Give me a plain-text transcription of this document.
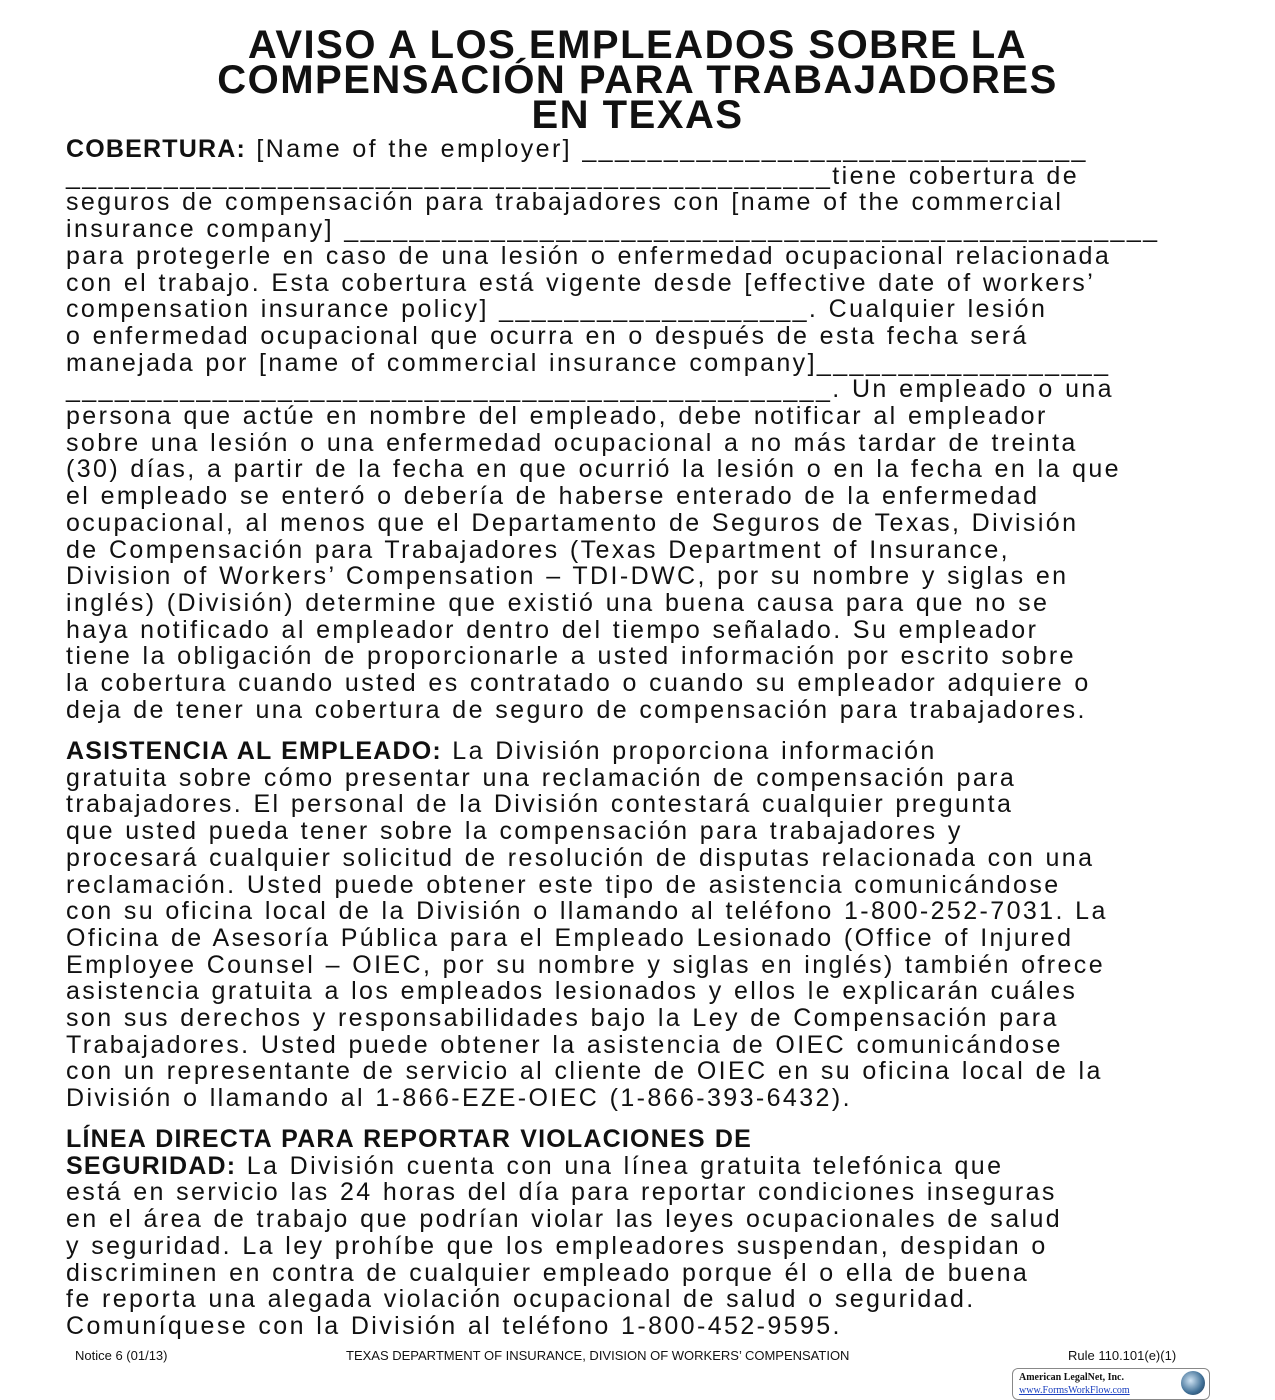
AVISO A LOS EMPLEADOS SOBRE LA
COMPENSACIÓN PARA TRABAJADORES
EN TEXAS
COBERTURA: [Name of the employer] _______________________________
_______________________________________________tiene cobertura de
seguros de compensación para trabajadores con [name of the commercial
insurance company] __________________________________________________
para protegerle en caso de una lesión o enfermedad ocupacional relacionada
con el trabajo. Esta cobertura está vigente desde [effective date of workers’
compensation insurance policy] ___________________. Cualquier lesión
o enfermedad ocupacional que ocurra en o después de esta fecha será
manejada por [name of commercial insurance company]__________________
_______________________________________________. Un empleado o una
persona que actúe en nombre del empleado, debe notificar al empleador
sobre una lesión o una enfermedad ocupacional a no más tardar de treinta
(30) días, a partir de la fecha en que ocurrió la lesión o en la fecha en la que
el empleado se enteró o debería de haberse enterado de la enfermedad
ocupacional, al menos que el Departamento de Seguros de Texas, División
de Compensación para Trabajadores (Texas Department of Insurance,
Division of Workers’ Compensation – TDI-DWC, por su nombre y siglas en
inglés) (División) determine que existió una buena causa para que no se
haya notificado al empleador dentro del tiempo señalado. Su empleador
tiene la obligación de proporcionarle a usted información por escrito sobre
la cobertura cuando usted es contratado o cuando su empleador adquiere o
deja de tener una cobertura de seguro de compensación para trabajadores.
ASISTENCIA AL EMPLEADO: La División proporciona información
gratuita sobre cómo presentar una reclamación de compensación para
trabajadores. El personal de la División contestará cualquier pregunta
que usted pueda tener sobre la compensación para trabajadores y
procesará cualquier solicitud de resolución de disputas relacionada con una
reclamación. Usted puede obtener este tipo de asistencia comunicándose
con su oficina local de la División o llamando al teléfono 1-800-252-7031. La
Oficina de Asesoría Pública para el Empleado Lesionado (Office of Injured
Employee Counsel – OIEC, por su nombre y siglas en inglés) también ofrece
asistencia gratuita a los empleados lesionados y ellos le explicarán cuáles
son sus derechos y responsabilidades bajo la Ley de Compensación para
Trabajadores. Usted puede obtener la asistencia de OIEC comunicándose
con un representante de servicio al cliente de OIEC en su oficina local de la
División o llamando al 1-866-EZE-OIEC (1-866-393-6432).
LÍNEA DIRECTA PARA REPORTAR VIOLACIONES DE
SEGURIDAD: La División cuenta con una línea gratuita telefónica que
está en servicio las 24 horas del día para reportar condiciones inseguras
en el área de trabajo que podrían violar las leyes ocupacionales de salud
y seguridad. La ley prohíbe que los empleadores suspendan, despidan o
discriminen en contra de cualquier empleado porque él o ella de buena
fe reporta una alegada violación ocupacional de salud o seguridad.
Comuníquese con la División al teléfono 1-800-452-9595.
Notice 6 (01/13)	TEXAS DEPARTMENT OF INSURANCE, DIVISION OF WORKERS’ COMPENSATION	Rule 110.101(e)(1)
American LegalNet, Inc.
www.FormsWorkFlow.com
